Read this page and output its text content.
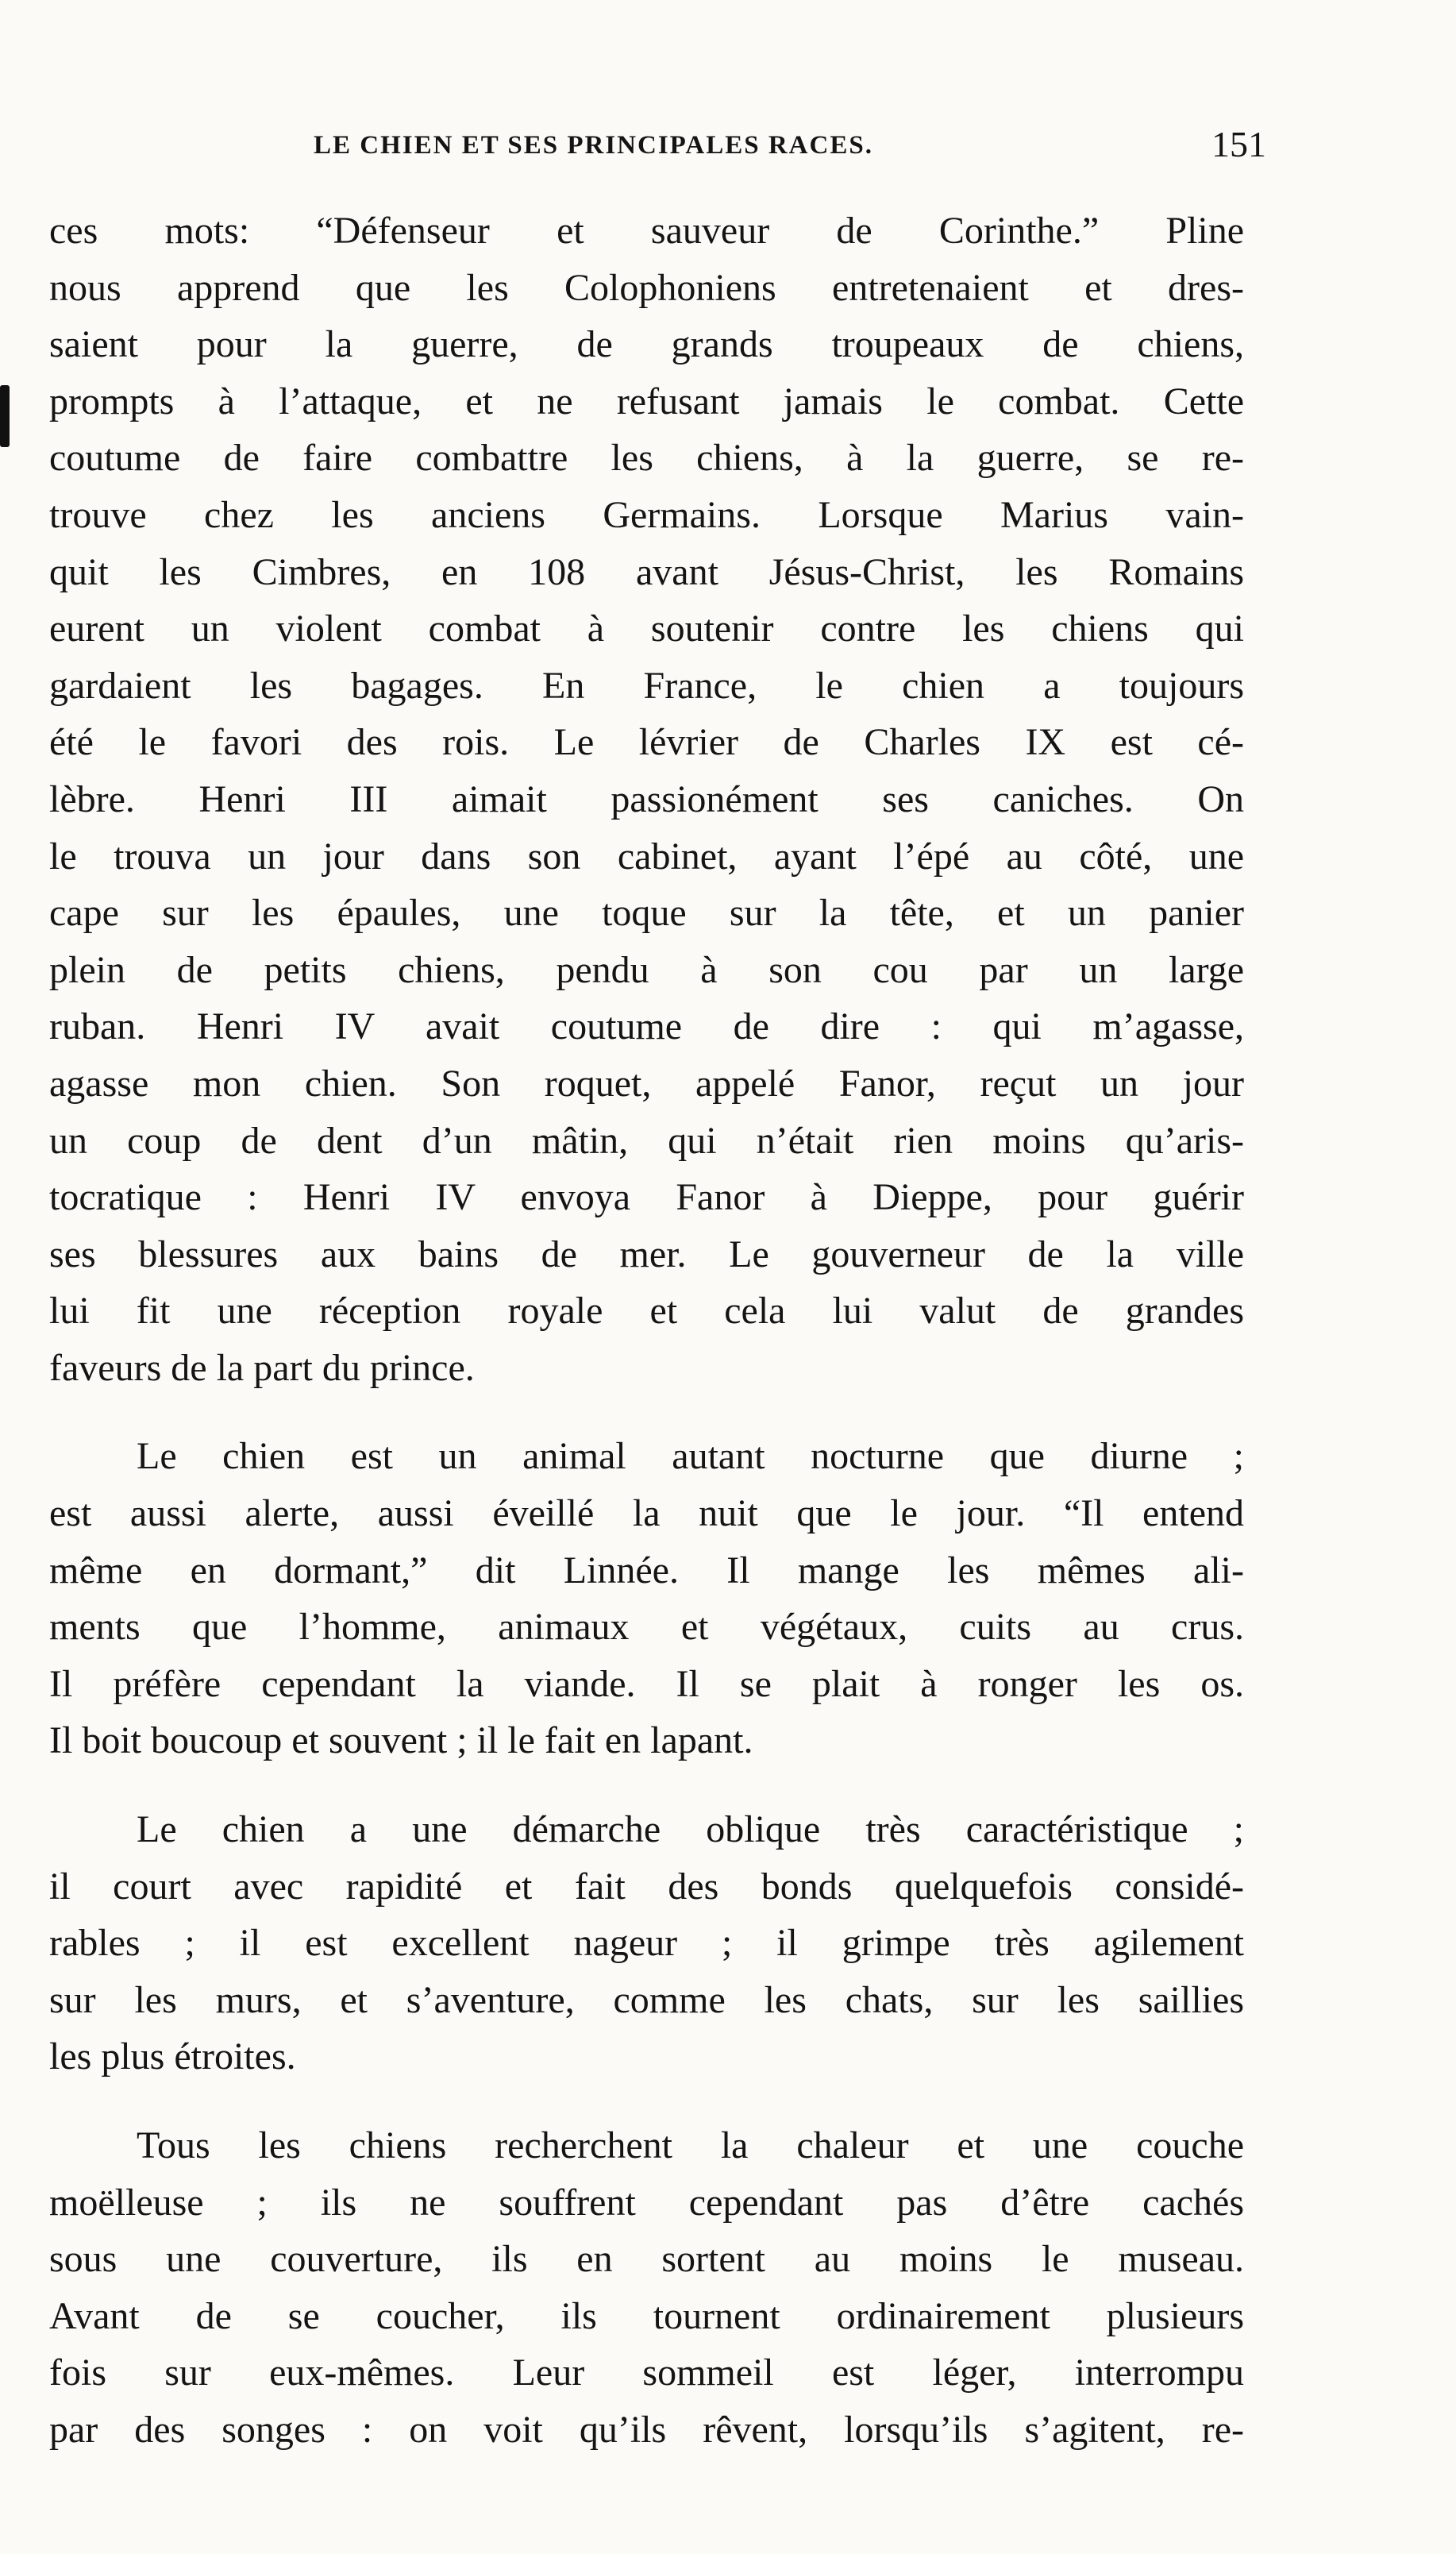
LE CHIEN ET SES PRINCIPALES RACES.	151
ces mots: “Défenseur et sauveur de Corinthe.” Pline
nous apprend que les Colophoniens entretenaient et dres-
saient pour la guerre, de grands troupeaux de chiens,
prompts à l’attaque, et ne refusant jamais le combat. Cette
coutume de faire combattre les chiens, à la guerre, se re-
trouve chez les anciens Germains. Lorsque Marius vain-
quit les Cimbres, en 108 avant Jésus-Christ, les Romains
eurent un violent combat à soutenir contre les chiens qui
gardaient les bagages. En France, le chien a toujours
été le favori des rois. Le lévrier de Charles IX est cé-
lèbre. Henri III aimait passionément ses caniches. On
le trouva un jour dans son cabinet, ayant l’épé au côté, une
cape sur les épaules, une toque sur la tête, et un panier
plein de petits chiens, pendu à son cou par un large
ruban. Henri IV avait coutume de dire : qui m’agasse,
agasse mon chien. Son roquet, appelé Fanor, reçut un jour
un coup de dent d’un mâtin, qui n’était rien moins qu’aris-
tocratique : Henri IV envoya Fanor à Dieppe, pour guérir
ses blessures aux bains de mer. Le gouverneur de la ville
lui fit une réception royale et cela lui valut de grandes
faveurs de la part du prince.
Le chien est un animal autant nocturne que diurne ;
est aussi alerte, aussi éveillé la nuit que le jour. “Il entend
même en dormant,” dit Linnée. Il mange les mêmes ali-
ments que l’homme, animaux et végétaux, cuits au crus.
Il préfère cependant la viande. Il se plait à ronger les os.
Il boit boucoup et souvent ; il le fait en lapant.
Le chien a une démarche oblique très caractéristique ;
il court avec rapidité et fait des bonds quelquefois considé-
rables ; il est excellent nageur ; il grimpe très agilement
sur les murs, et s’aventure, comme les chats, sur les saillies
les plus étroites.
Tous les chiens recherchent la chaleur et une couche
moëlleuse ; ils ne souffrent cependant pas d’être cachés
sous une couverture, ils en sortent au moins le museau.
Avant de se coucher, ils tournent ordinairement plusieurs
fois sur eux-mêmes. Leur sommeil est léger, interrompu
par des songes : on voit qu’ils rêvent, lorsqu’ils s’agitent, re-
